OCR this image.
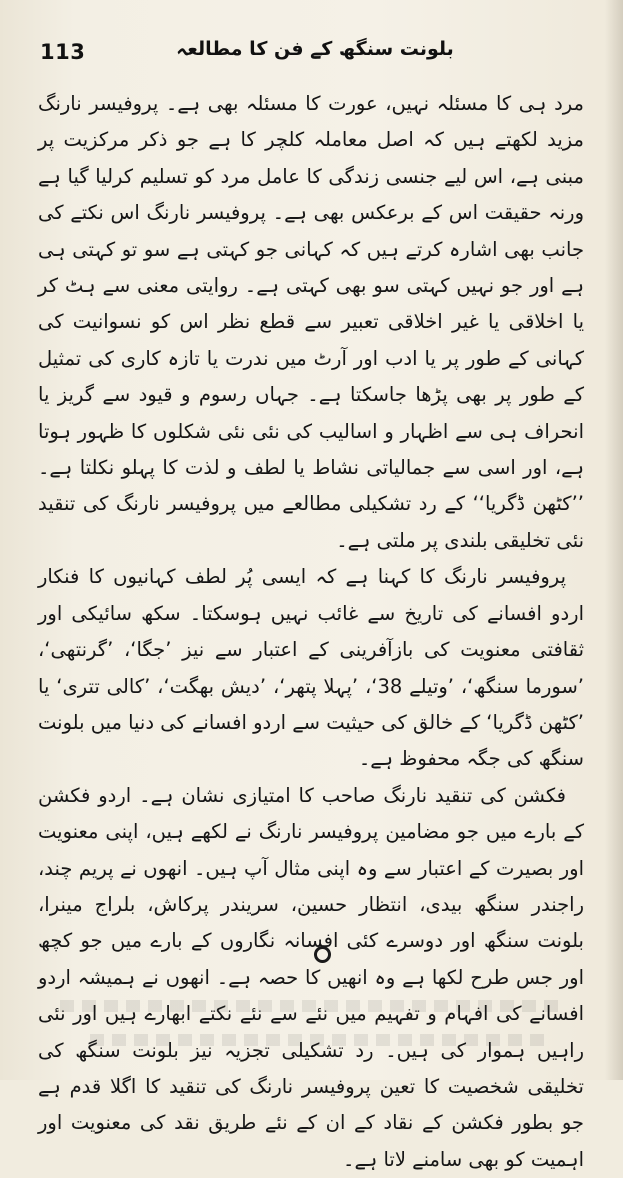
113	بلونت سنگھ کے فن کا مطالعہ

مرد ہی کا مسئلہ نہیں، عورت کا مسئلہ بھی ہے۔ پروفیسر نارنگ مزید لکھتے ہیں کہ اصل معاملہ کلچر کا ہے جو ذکر مرکزیت پر مبنی ہے، اس لیے جنسی زندگی کا عامل مرد کو تسلیم کرلیا گیا ہے ورنہ حقیقت اس کے برعکس بھی ہے۔ پروفیسر نارنگ اس نکتے کی جانب بھی اشارہ کرتے ہیں کہ کہانی جو کہتی ہے سو تو کہتی ہی ہے اور جو نہیں کہتی سو بھی کہتی ہے۔ روایتی معنی سے ہٹ کر یا اخلاقی یا غیر اخلاقی تعبیر سے قطع نظر اس کو نسوانیت کی کہانی کے طور پر یا ادب اور آرٹ میں ندرت یا تازہ کاری کی تمثیل کے طور پر بھی پڑھا جاسکتا ہے۔ جہاں رسوم و قیود سے گریز یا انحراف ہی سے اظہار و اسالیب کی نئی نئی شکلوں کا ظہور ہوتا ہے، اور اسی سے جمالیاتی نشاط یا لطف و لذت کا پہلو نکلتا ہے۔ ’’کٹھن ڈگریا‘‘ کے رد تشکیلی مطالعے میں پروفیسر نارنگ کی تنقید نئی تخلیقی بلندی پر ملتی ہے۔

پروفیسر نارنگ کا کہنا ہے کہ ایسی پُر لطف کہانیوں کا فنکار اردو افسانے کی تاریخ سے غائب نہیں ہوسکتا۔ سکھ سائیکی اور ثقافتی معنویت کی بازآفرینی کے اعتبار سے نیز ’جگا‘، ’گرنتھی‘، ’سورما سنگھ‘، ’وتیلے 38‘، ’پہلا پتھر‘، ’دیش بھگت‘، ’کالی تتری‘ یا ’کٹھن ڈگریا‘ کے خالق کی حیثیت سے اردو افسانے کی دنیا میں بلونت سنگھ کی جگہ محفوظ ہے۔

فکشن کی تنقید نارنگ صاحب کا امتیازی نشان ہے۔ اردو فکشن کے بارے میں جو مضامین پروفیسر نارنگ نے لکھے ہیں، اپنی معنویت اور بصیرت کے اعتبار سے وہ اپنی مثال آپ ہیں۔ انھوں نے پریم چند، راجندر سنگھ بیدی، انتظار حسین، سریندر پرکاش، بلراج مینرا، بلونت سنگھ اور دوسرے کئی افسانہ نگاروں کے بارے میں جو کچھ اور جس طرح لکھا ہے وہ انھیں کا حصہ ہے۔ انھوں نے ہمیشہ اردو افسانے کی افہام و تفہیم میں نئے سے نئے نکتے ابھارے ہیں اور نئی راہیں ہموار کی ہیں۔ رد تشکیلی تجزیہ نیز بلونت سنگھ کی تخلیقی شخصیت کا تعین پروفیسر نارنگ کی تنقید کا اگلا قدم ہے جو بطور فکشن کے نقاد کے ان کے نئے طریق نقد کی معنویت اور اہمیت کو بھی سامنے لاتا ہے۔
